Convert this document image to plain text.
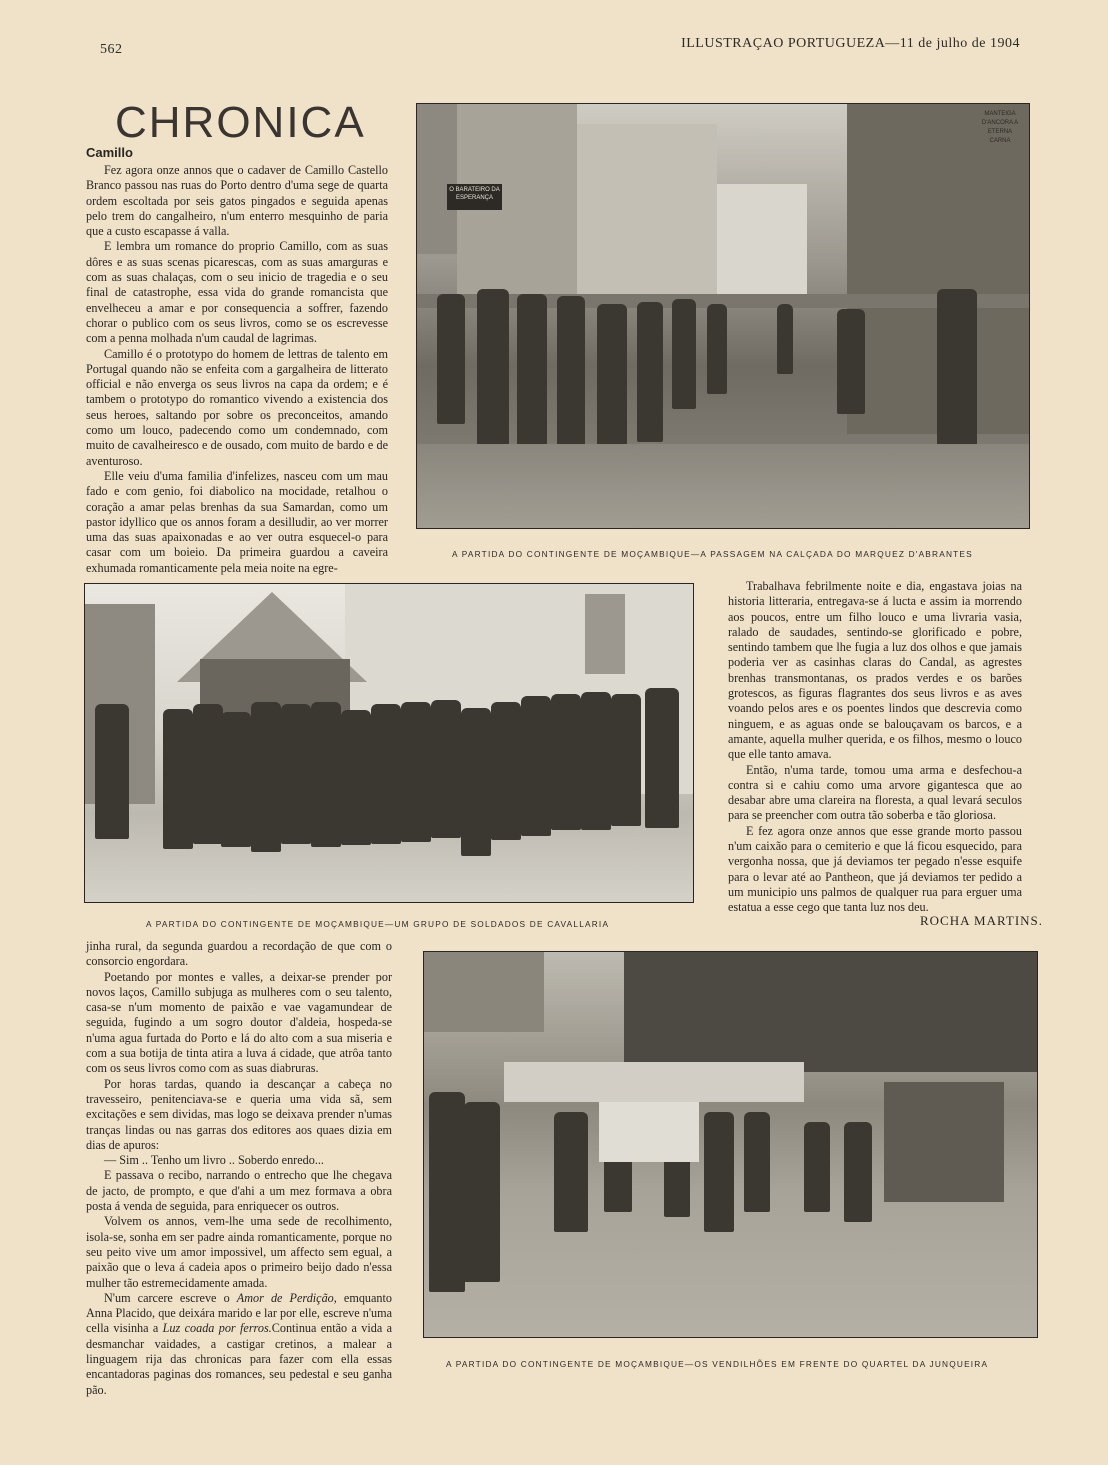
562	ILLUSTRAÇAO PORTUGUEZA—11 de julho de 1904
CHRONICA
Camillo

Fez agora onze annos que o cadaver de Camillo Castello Branco passou nas ruas do Porto dentro d'uma sege de quarta ordem escoltada por seis gatos pingados e seguida apenas pelo trem do cangalheiro, n'um enterro mesquinho de paria que a custo escapasse á valla.

E lembra um romance do proprio Camillo, com as suas dôres e as suas scenas picarescas, com as suas amarguras e com as suas chalaças, com o seu inicio de tragedia e o seu final de catastrophe, essa vida do grande romancista que envelheceu a amar e por consequencia a soffrer, fazendo chorar o publico com os seus livros, como se os escrevesse com a penna molhada n'um caudal de lagrimas.

Camillo é o prototypo do homem de lettras de talento em Portugal quando não se enfeita com a gargalheira de litterato official e não enverga os seus livros na capa da ordem; e é tambem o prototypo do romantico vivendo a existencia dos seus heroes, saltando por sobre os preconceitos, amando como um louco, padecendo como um condemnado, com muito de cavalheiresco e de ousado, com muito de bardo e de aventuroso.

Elle veiu d'uma familia d'infelizes, nasceu com um mau fado e com genio, foi diabolico na mocidade, retalhou o coração a amar pelas brenhas da sua Samardan, como um pastor idyllico que os annos foram a desilludir, ao ver morrer uma das suas apaixonadas e ao ver outra esquecel-o para casar com um boieio. Da primeira guardou a caveira exhumada romanticamente pela meia noite na egre-

O BARATEIRO DA ESPERANÇA
MANTEIGA D'ANCORA A ETERNA CARNA
A PARTIDA DO CONTINGENTE DE MOÇAMBIQUE—A PASSAGEM NA CALÇADA DO MARQUEZ D'ABRANTES
A PARTIDA DO CONTINGENTE DE MOÇAMBIQUE—UM GRUPO DE SOLDADOS DE CAVALLARIA

Trabalhava febrilmente noite e dia, engastava joias na historia litteraria, entregava-se á lucta e assim ia morrendo aos poucos, entre um filho louco e uma livraria vasia, ralado de saudades, sentindo-se glorificado e pobre, sentindo tambem que lhe fugia a luz dos olhos e que jamais poderia ver as casinhas claras do Candal, as agrestes brenhas transmontanas, os prados verdes e os barões grotescos, as figuras flagrantes dos seus livros e as aves voando pelos ares e os poentes lindos que descrevia como ninguem, e as aguas onde se balouçavam os barcos, e a amante, aquella mulher querida, e os filhos, mesmo o louco que elle tanto amava.

Então, n'uma tarde, tomou uma arma e desfechou-a contra si e cahiu como uma arvore gigantesca que ao desabar abre uma clareira na floresta, a qual levará seculos para se preencher com outra tão soberba e tão gloriosa.

E fez agora onze annos que esse grande morto passou n'um caixão para o cemiterio e que lá ficou esquecido, para vergonha nossa, que já deviamos ter pegado n'esse esquife para o levar até ao Pantheon, que já deviamos ter pedido a um municipio uns palmos de qualquer rua para erguer uma estatua a esse cego que tanta luz nos deu.

ROCHA MARTINS.

jinha rural, da segunda guardou a recordação de que com o consorcio engordara.

Poetando por montes e valles, a deixar-se prender por novos laços, Camillo subjuga as mulheres com o seu talento, casa-se n'um momento de paixão e vae vagamundear de seguida, fugindo a um sogro doutor d'aldeia, hospeda-se n'uma agua furtada do Porto e lá do alto com a sua miseria e com a sua botija de tinta atira a luva á cidade, que atrôa tanto com os seus livros como com as suas diabruras.

Por horas tardas, quando ia descançar a cabeça no travesseiro, penitenciava-se e queria uma vida sã, sem excitações e sem dividas, mas logo se deixava prender n'umas tranças lindas ou nas garras dos editores aos quaes dizia em dias de apuros:

— Sim .. Tenho um livro .. Soberdo enredo...

E passava o recibo, narrando o entrecho que lhe chegava de jacto, de prompto, e que d'ahi a um mez formava a obra posta á venda de seguida, para enriquecer os outros.

Volvem os annos, vem-lhe uma sede de recolhimento, isola-se, sonha em ser padre ainda romanticamente, porque no seu peito vive um amor impossivel, um affecto sem egual, a paixão que o leva á cadeia apos o primeiro beijo dado n'essa mulher tão estremecidamente amada.

N'um carcere escreve o Amor de Perdição, emquanto Anna Placido, que deixára marido e lar por elle, escreve n'uma cella visinha a Luz coada por ferros.Continua então a vida a desmanchar vaidades, a castigar cretinos, a malear a linguagem rija das chronicas para fazer com ella essas encantadoras paginas dos romances, seu pedestal e seu ganha pão.

A PARTIDA DO CONTINGENTE DE MOÇAMBIQUE—OS VENDILHÕES EM FRENTE DO QUARTEL DA JUNQUEIRA
